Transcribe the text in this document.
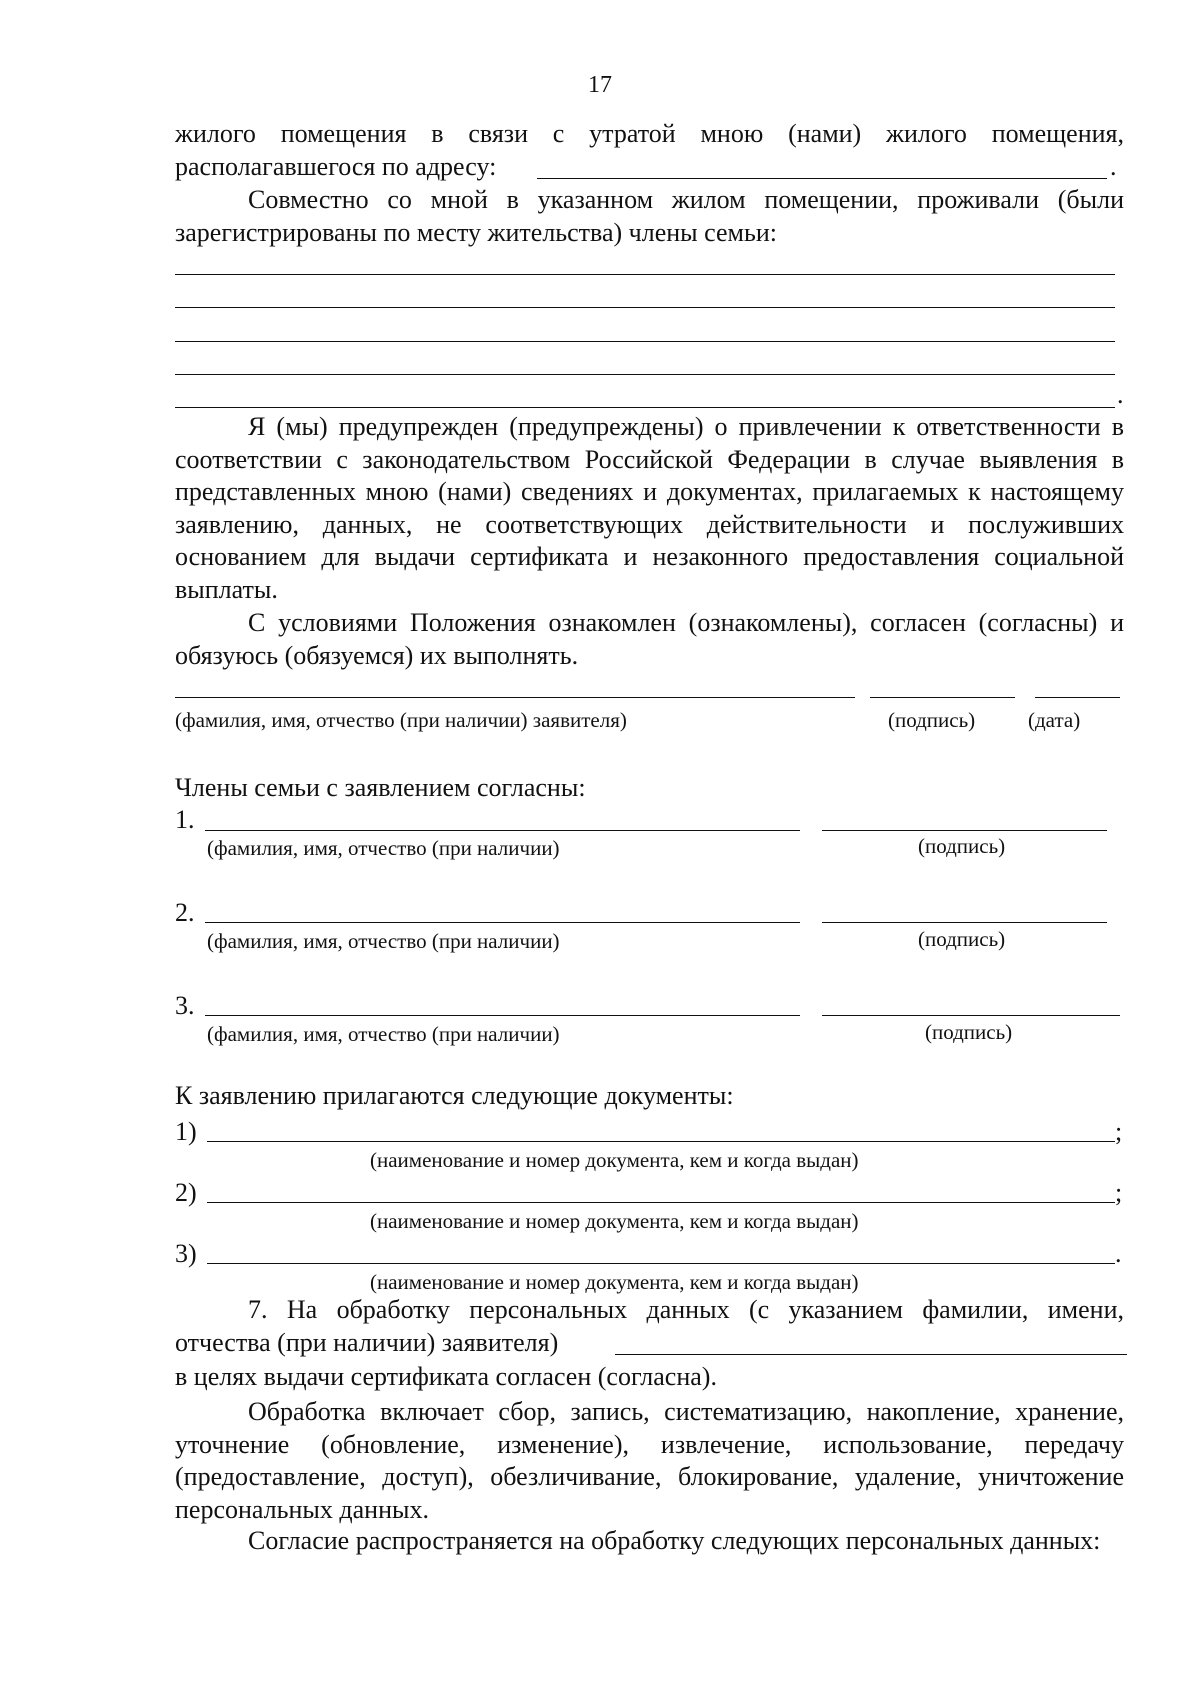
17

жилого помещения в связи с утратой мною (нами) жилого помещения,

располагавшегося по адресу:	.

Совместно со мной в указанном жилом помещении, проживали (были зарегистрированы по месту жительства) члены семьи:

.

Я (мы) предупрежден (предупреждены) о привлечении к ответственности в соответствии с законодательством Российской Федерации в случае выявления в представленных мною (нами) сведениях и документах, прилагаемых к настоящему заявлению, данных, не соответствующих действительности и послуживших основанием для выдачи сертификата и незаконного предоставления социальной выплаты.

С условиями Положения ознакомлен (ознакомлены), согласен (согласны) и обязуюсь (обязуемся) их выполнять.

(фамилия, имя, отчество (при наличии) заявителя)	(подпись)	(дата)
Члены семьи с заявлением согласны:
1.
(фамилия, имя, отчество (при наличии)	(подпись)
2.
(фамилия, имя, отчество (при наличии)	(подпись)
3.
(фамилия, имя, отчество (при наличии)	(подпись)
К заявлению прилагаются следующие документы:
1)	;
(наименование и номер документа, кем и когда выдан)
2)	;
(наименование и номер документа, кем и когда выдан)
3)	.
(наименование и номер документа, кем и когда выдан)

7. На обработку персональных данных (с указанием фамилии, имени,

отчества (при наличии) заявителя)
в целях выдачи сертификата согласен (согласна).

Обработка включает сбор, запись, систематизацию, накопление, хранение, уточнение (обновление, изменение), извлечение, использование, передачу (предоставление, доступ), обезличивание, блокирование, удаление, уничтожение персональных данных.

Согласие распространяется на обработку следующих персональных данных:
